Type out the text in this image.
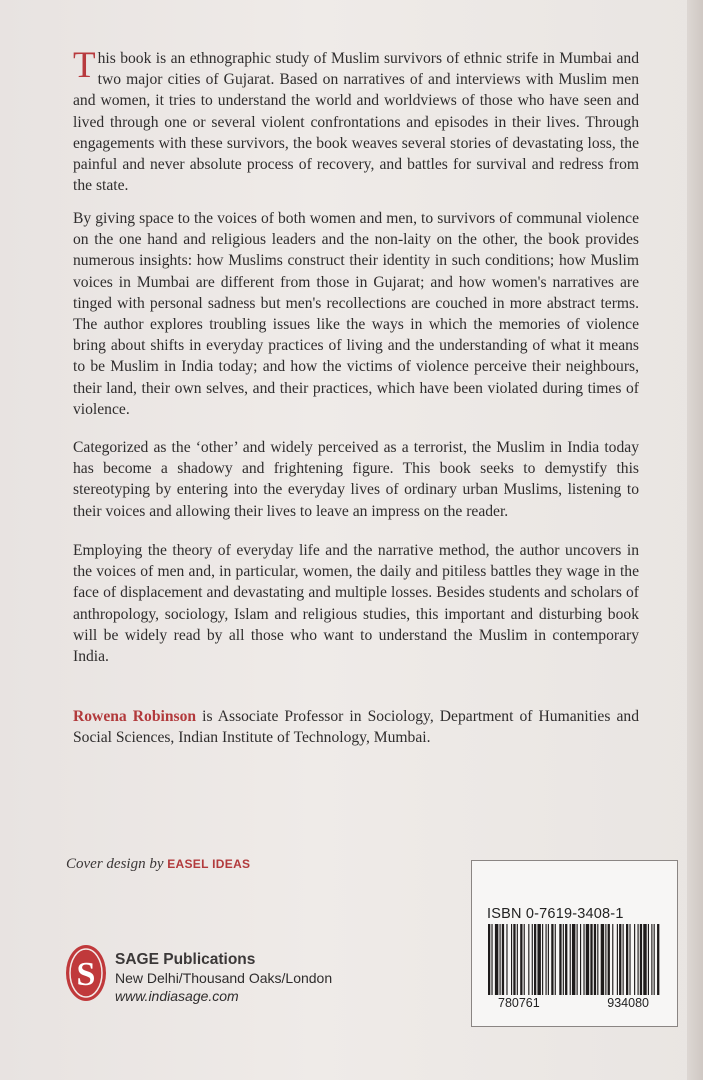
This book is an ethnographic study of Muslim survivors of ethnic strife in Mumbai and two major cities of Gujarat. Based on narratives of and interviews with Muslim men and women, it tries to understand the world and worldviews of those who have seen and lived through one or several violent confrontations and episodes in their lives. Through engagements with these survivors, the book weaves several stories of devastating loss, the painful and never absolute process of recovery, and battles for survival and redress from the state.
By giving space to the voices of both women and men, to survivors of communal violence on the one hand and religious leaders and the non-laity on the other, the book provides numerous insights: how Muslims construct their identity in such conditions; how Muslim voices in Mumbai are different from those in Gujarat; and how women's narratives are tinged with personal sadness but men's recollections are couched in more abstract terms. The author explores troubling issues like the ways in which the memories of violence bring about shifts in everyday practices of living and the understanding of what it means to be Muslim in India today; and how the victims of violence perceive their neighbours, their land, their own selves, and their practices, which have been violated during times of violence.
Categorized as the ‘other’ and widely perceived as a terrorist, the Muslim in India today has become a shadowy and frightening figure. This book seeks to demystify this stereotyping by entering into the everyday lives of ordinary urban Muslims, listening to their voices and allowing their lives to leave an impress on the reader.
Employing the theory of everyday life and the narrative method, the author uncovers in the voices of men and, in particular, women, the daily and pitiless battles they wage in the face of displacement and devastating and multiple losses. Besides students and scholars of anthropology, sociology, Islam and religious studies, this important and disturbing book will be widely read by all those who want to understand the Muslim in contemporary India.
Rowena Robinson is Associate Professor in Sociology, Department of Humanities and Social Sciences, Indian Institute of Technology, Mumbai.
Cover design by EASEL IDEAS
ISBN 0-7619-3408-1
780761	934080
S SAGE Publications
New Delhi/Thousand Oaks/London
www.indiasage.com
